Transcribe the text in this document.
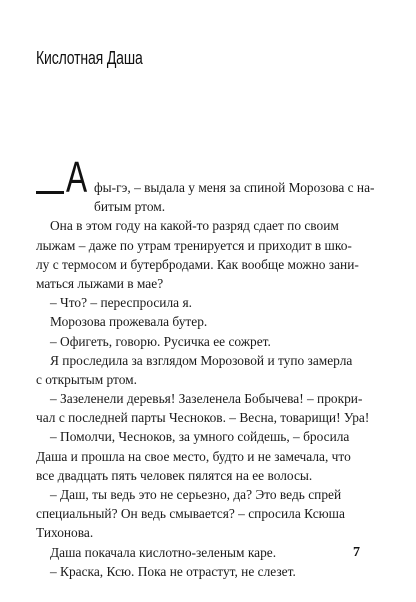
Кислотная Даша
А фы-гэ, – выдала у меня за спиной Морозова с на-
битым ртом.
Она в этом году на какой-то разряд сдает по своим
лыжам – даже по утрам тренируется и приходит в шко-
лу с термосом и бутербродами. Как вообще можно зани-
маться лыжами в мае?
– Что? – переспросила я.
Морозова прожевала бутер.
– Офигеть, говорю. Русичка ее сожрет.
Я проследила за взглядом Морозовой и тупо замерла
с открытым ртом.
– Зазеленели деревья! Зазеленела Бобычева! – прокри-
чал с последней парты Чесноков. – Весна, товарищи! Ура!
– Помолчи, Чесноков, за умного сойдешь, – бросила
Даша и прошла на свое место, будто и не замечала, что
все двадцать пять человек пялятся на ее волосы.
– Даш, ты ведь это не серьезно, да? Это ведь спрей
специальный? Он ведь смывается? – спросила Ксюша
Тихонова.
Даша покачала кислотно-зеленым каре.
– Краска, Ксю. Пока не отрастут, не слезет.
7
